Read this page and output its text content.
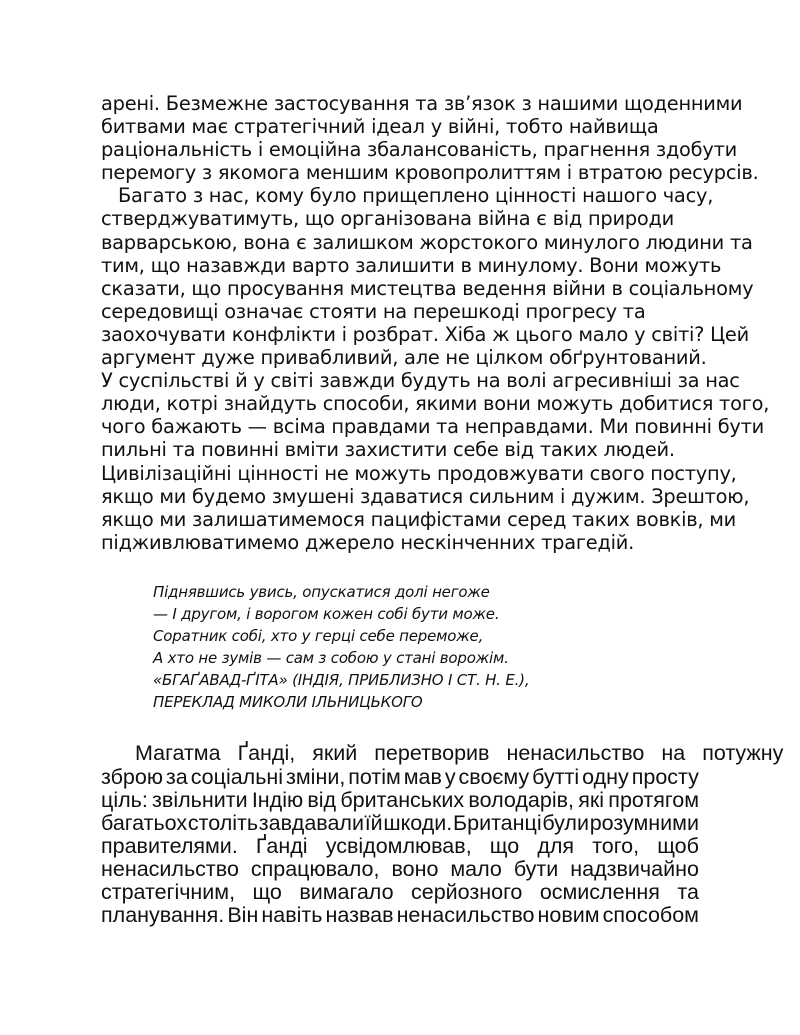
арені. Безмежне застосування та зв’язок з нашими щоденними
битвами має стратегічний ідеал у війні, тобто найвища
раціональність і емоційна збалансованість, прагнення здобути
перемогу з якомога меншим кровопролиттям і втратою ресурсів.
Багато з нас, кому було прищеплено цінності нашого часу,
стверджуватимуть, що організована війна є від природи
варварською, вона є залишком жорстокого минулого людини та
тим, що назавжди варто залишити в минулому. Вони можуть
сказати, що просування мистецтва ведення війни в соціальному
середовищі означає стояти на перешкоді прогресу та
заохочувати конфлікти і розбрат. Хіба ж цього мало у світі? Цей
аргумент дуже привабливий, але не цілком обґрунтований.
У суспільстві й у світі завжди будуть на волі агресивніші за нас
люди, котрі знайдуть способи, якими вони можуть добитися того,
чого бажають — всіма правдами та неправдами. Ми повинні бути
пильні та повинні вміти захистити себе від таких людей.
Цивілізаційні цінності не можуть продовжувати свого поступу,
якщо ми будемо змушені здаватися сильним і дужим. Зрештою,
якщо ми залишатимемося пацифістами серед таких вовків, ми
підживлюватимемо джерело нескінченних трагедій.
Піднявшись увись, опускатися долі негоже
— І другом, і ворогом кожен собі бути може.
Соратник собі, хто у герці себе переможе,
А хто не зумів — сам з собою у стані ворожім.
«БГАҐАВАД-ҐІТА» (ІНДІЯ, ПРИБЛИЗНО І СТ. Н. Е.),
ПЕРЕКЛАД МИКОЛИ ІЛЬНИЦЬКОГО
Магатма Ґанді, який перетворив ненасильство на потужну
зброю за соціальні зміни, потім мав у своєму бутті одну просту
ціль: звільнити Індію від британських володарів, які протягом
багатьох століть завдавали їй шкоди. Британці були розумними
правителями. Ґанді усвідомлював, що для того, щоб
ненасильство спрацювало, воно мало бути надзвичайно
стратегічним, що вимагало серйозного осмислення та
планування. Він навіть назвав ненасильство новим способом
